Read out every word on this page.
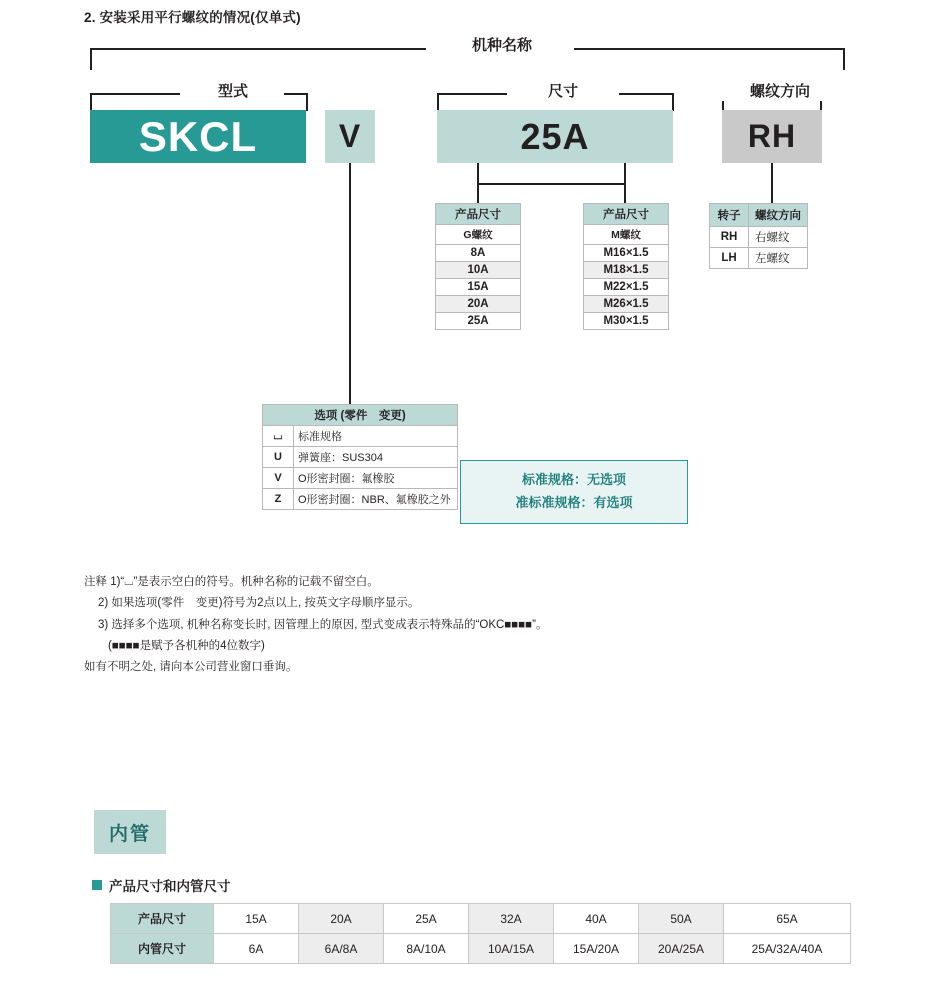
2. 安装采用平行螺纹的情况(仅单式)
机种名称
型式	尺寸	螺纹方向
SKCL	V	25A	RH
产品尺寸
G螺纹
8A
10A
15A
20A
25A
产品尺寸
M螺纹
M16×1.5
M18×1.5
M22×1.5
M26×1.5
M30×1.5
转子	螺纹方向
RH	右螺纹
LH	左螺纹
选项 (零件　变更)	
⌴	标准规格
U	弹簧座：SUS304
V	O形密封圈：氟橡胶
Z	O形密封圈：NBR、氟橡胶之外
标准规格：无选项
准标准规格：有选项
注释 1)“⌴”是表示空白的符号。机种名称的记载不留空白。
2) 如果选项(零件　变更)符号为2点以上, 按英文字母顺序显示。
3) 选择多个选项, 机种名称变长时, 因管理上的原因, 型式变成表示特殊品的“OKC■■■■”。
(■■■■是赋予各机种的4位数字)
如有不明之处, 请向本公司营业窗口垂询。
内管
产品尺寸和内管尺寸
产品尺寸	15A	20A	25A	32A	40A	50A	65A
内管尺寸	6A	6A/8A	8A/10A	10A/15A	15A/20A	20A/25A	25A/32A/40A
